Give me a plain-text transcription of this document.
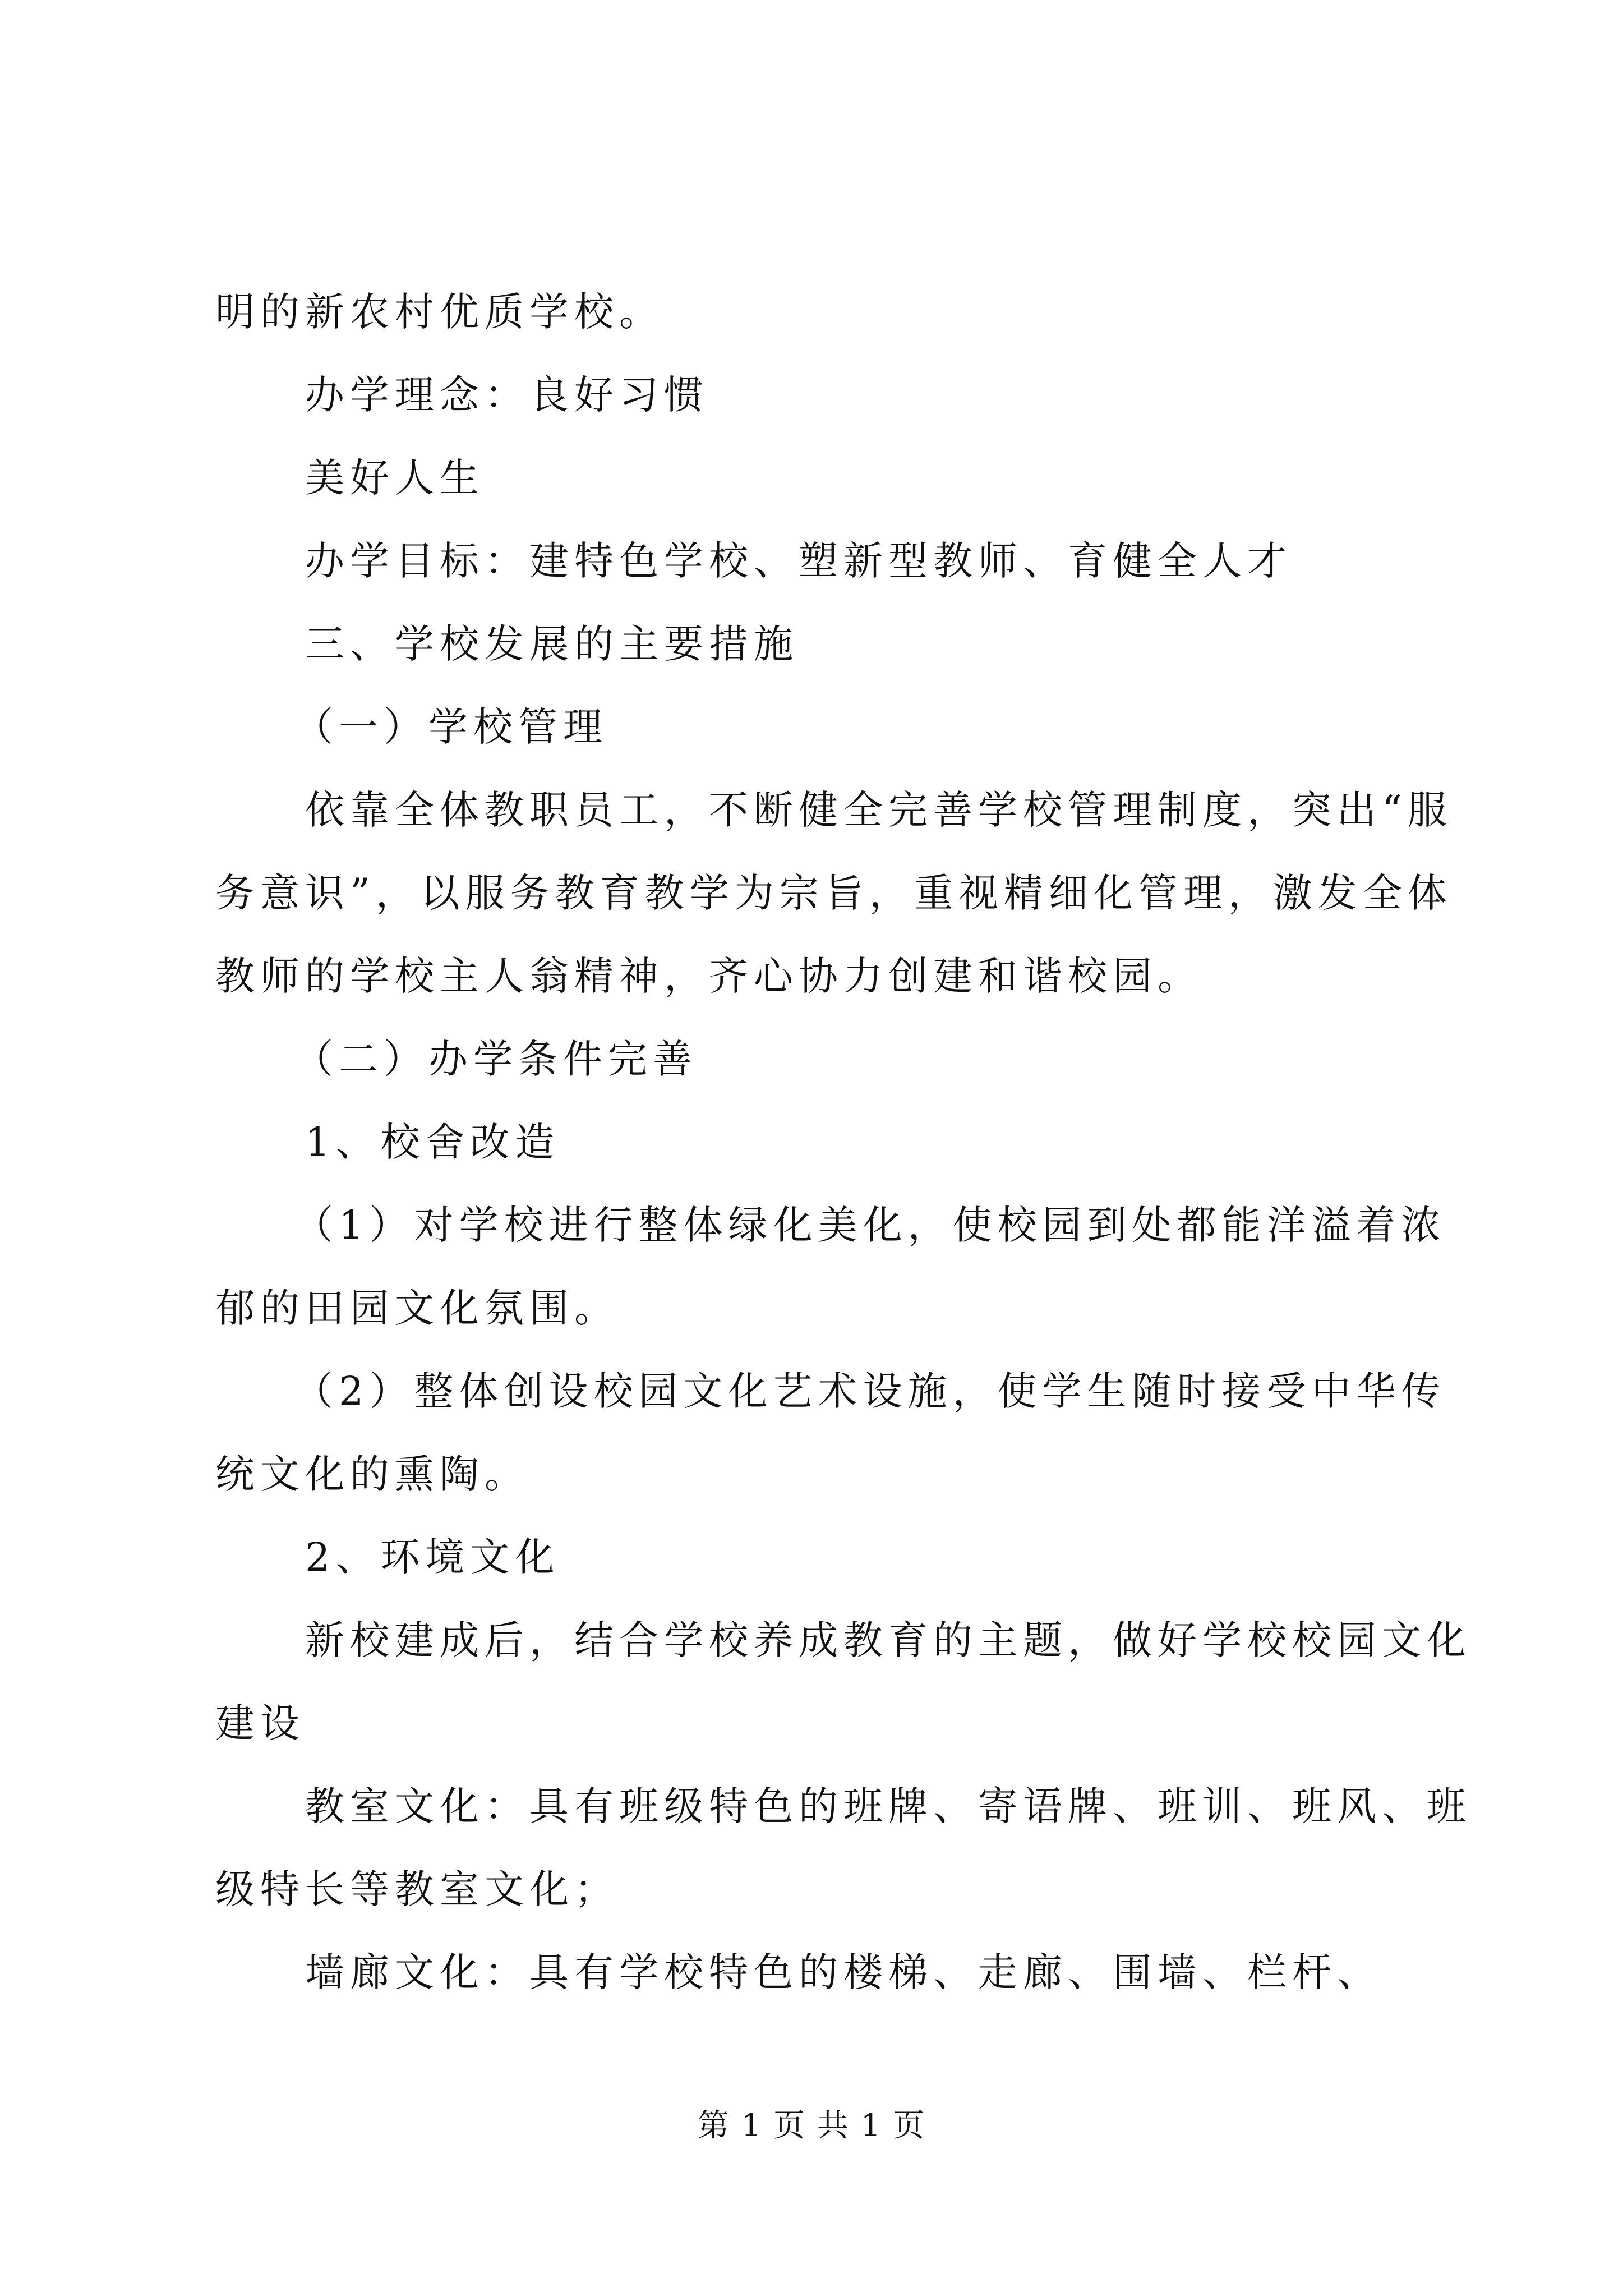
明的新农村优质学校。
办学理念：良好习惯
美好人生
办学目标：建特色学校、塑新型教师、育健全人才
三、学校发展的主要措施
（一）学校管理
依靠全体教职员工，不断健全完善学校管理制度，突出“服
务意识”，以服务教育教学为宗旨，重视精细化管理，激发全体
教师的学校主人翁精神，齐心协力创建和谐校园。
（二）办学条件完善
1、校舍改造
（1）对学校进行整体绿化美化，使校园到处都能洋溢着浓
郁的田园文化氛围。
（2）整体创设校园文化艺术设施，使学生随时接受中华传
统文化的熏陶。
2、环境文化
新校建成后，结合学校养成教育的主题，做好学校校园文化
建设
教室文化：具有班级特色的班牌、寄语牌、班训、班风、班
级特长等教室文化；
墙廊文化：具有学校特色的楼梯、走廊、围墙、栏杆、
第 1 页 共 1 页
